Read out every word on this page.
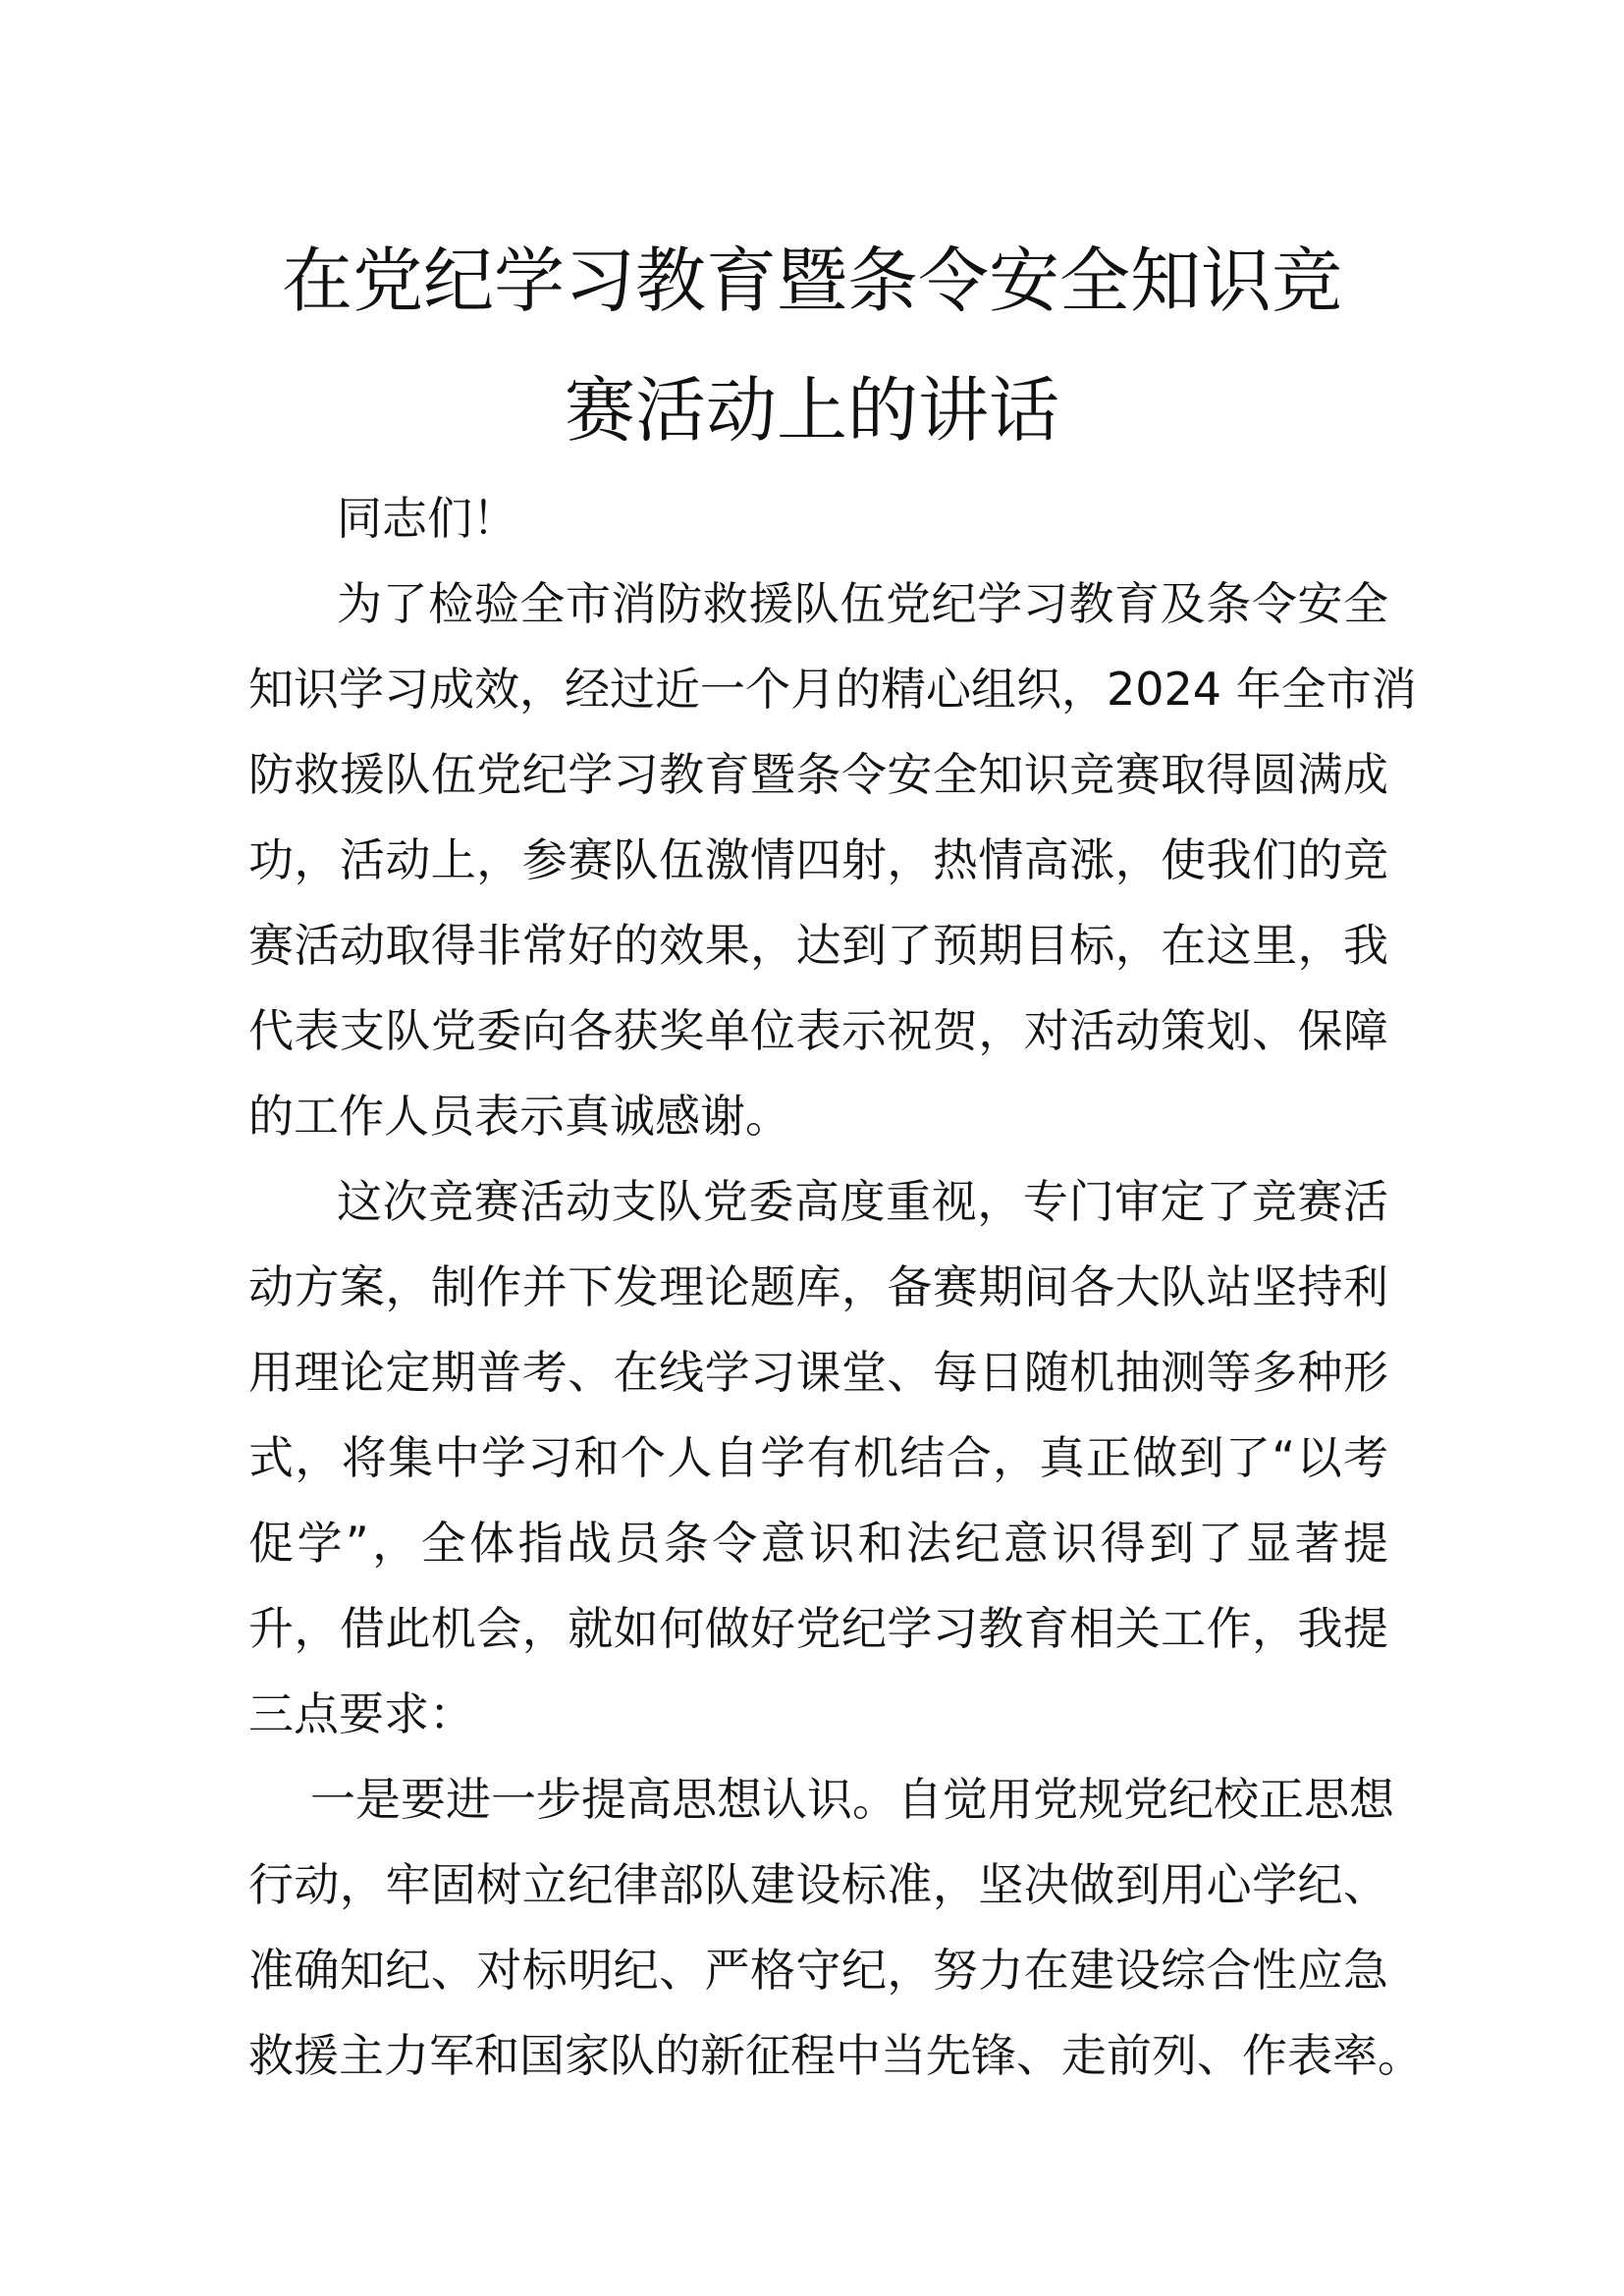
在党纪学习教育暨条令安全知识竞
赛活动上的讲话
同志们！
为了检验全市消防救援队伍党纪学习教育及条令安全
知识学习成效，经过近一个月的精心组织，2024 年全市消
防救援队伍党纪学习教育暨条令安全知识竞赛取得圆满成
功，活动上，参赛队伍激情四射，热情高涨，使我们的竞
赛活动取得非常好的效果，达到了预期目标，在这里，我
代表支队党委向各获奖单位表示祝贺，对活动策划、保障
的工作人员表示真诚感谢。
这次竞赛活动支队党委高度重视，专门审定了竞赛活
动方案，制作并下发理论题库，备赛期间各大队站坚持利
用理论定期普考、在线学习课堂、每日随机抽测等多种形
式，将集中学习和个人自学有机结合，真正做到了“以考
促学”，全体指战员条令意识和法纪意识得到了显著提
升，借此机会，就如何做好党纪学习教育相关工作，我提
三点要求：
一是要进一步提高思想认识。自觉用党规党纪校正思想
行动，牢固树立纪律部队建设标准，坚决做到用心学纪、
准确知纪、对标明纪、严格守纪，努力在建设综合性应急
救援主力军和国家队的新征程中当先锋、走前列、作表率。
